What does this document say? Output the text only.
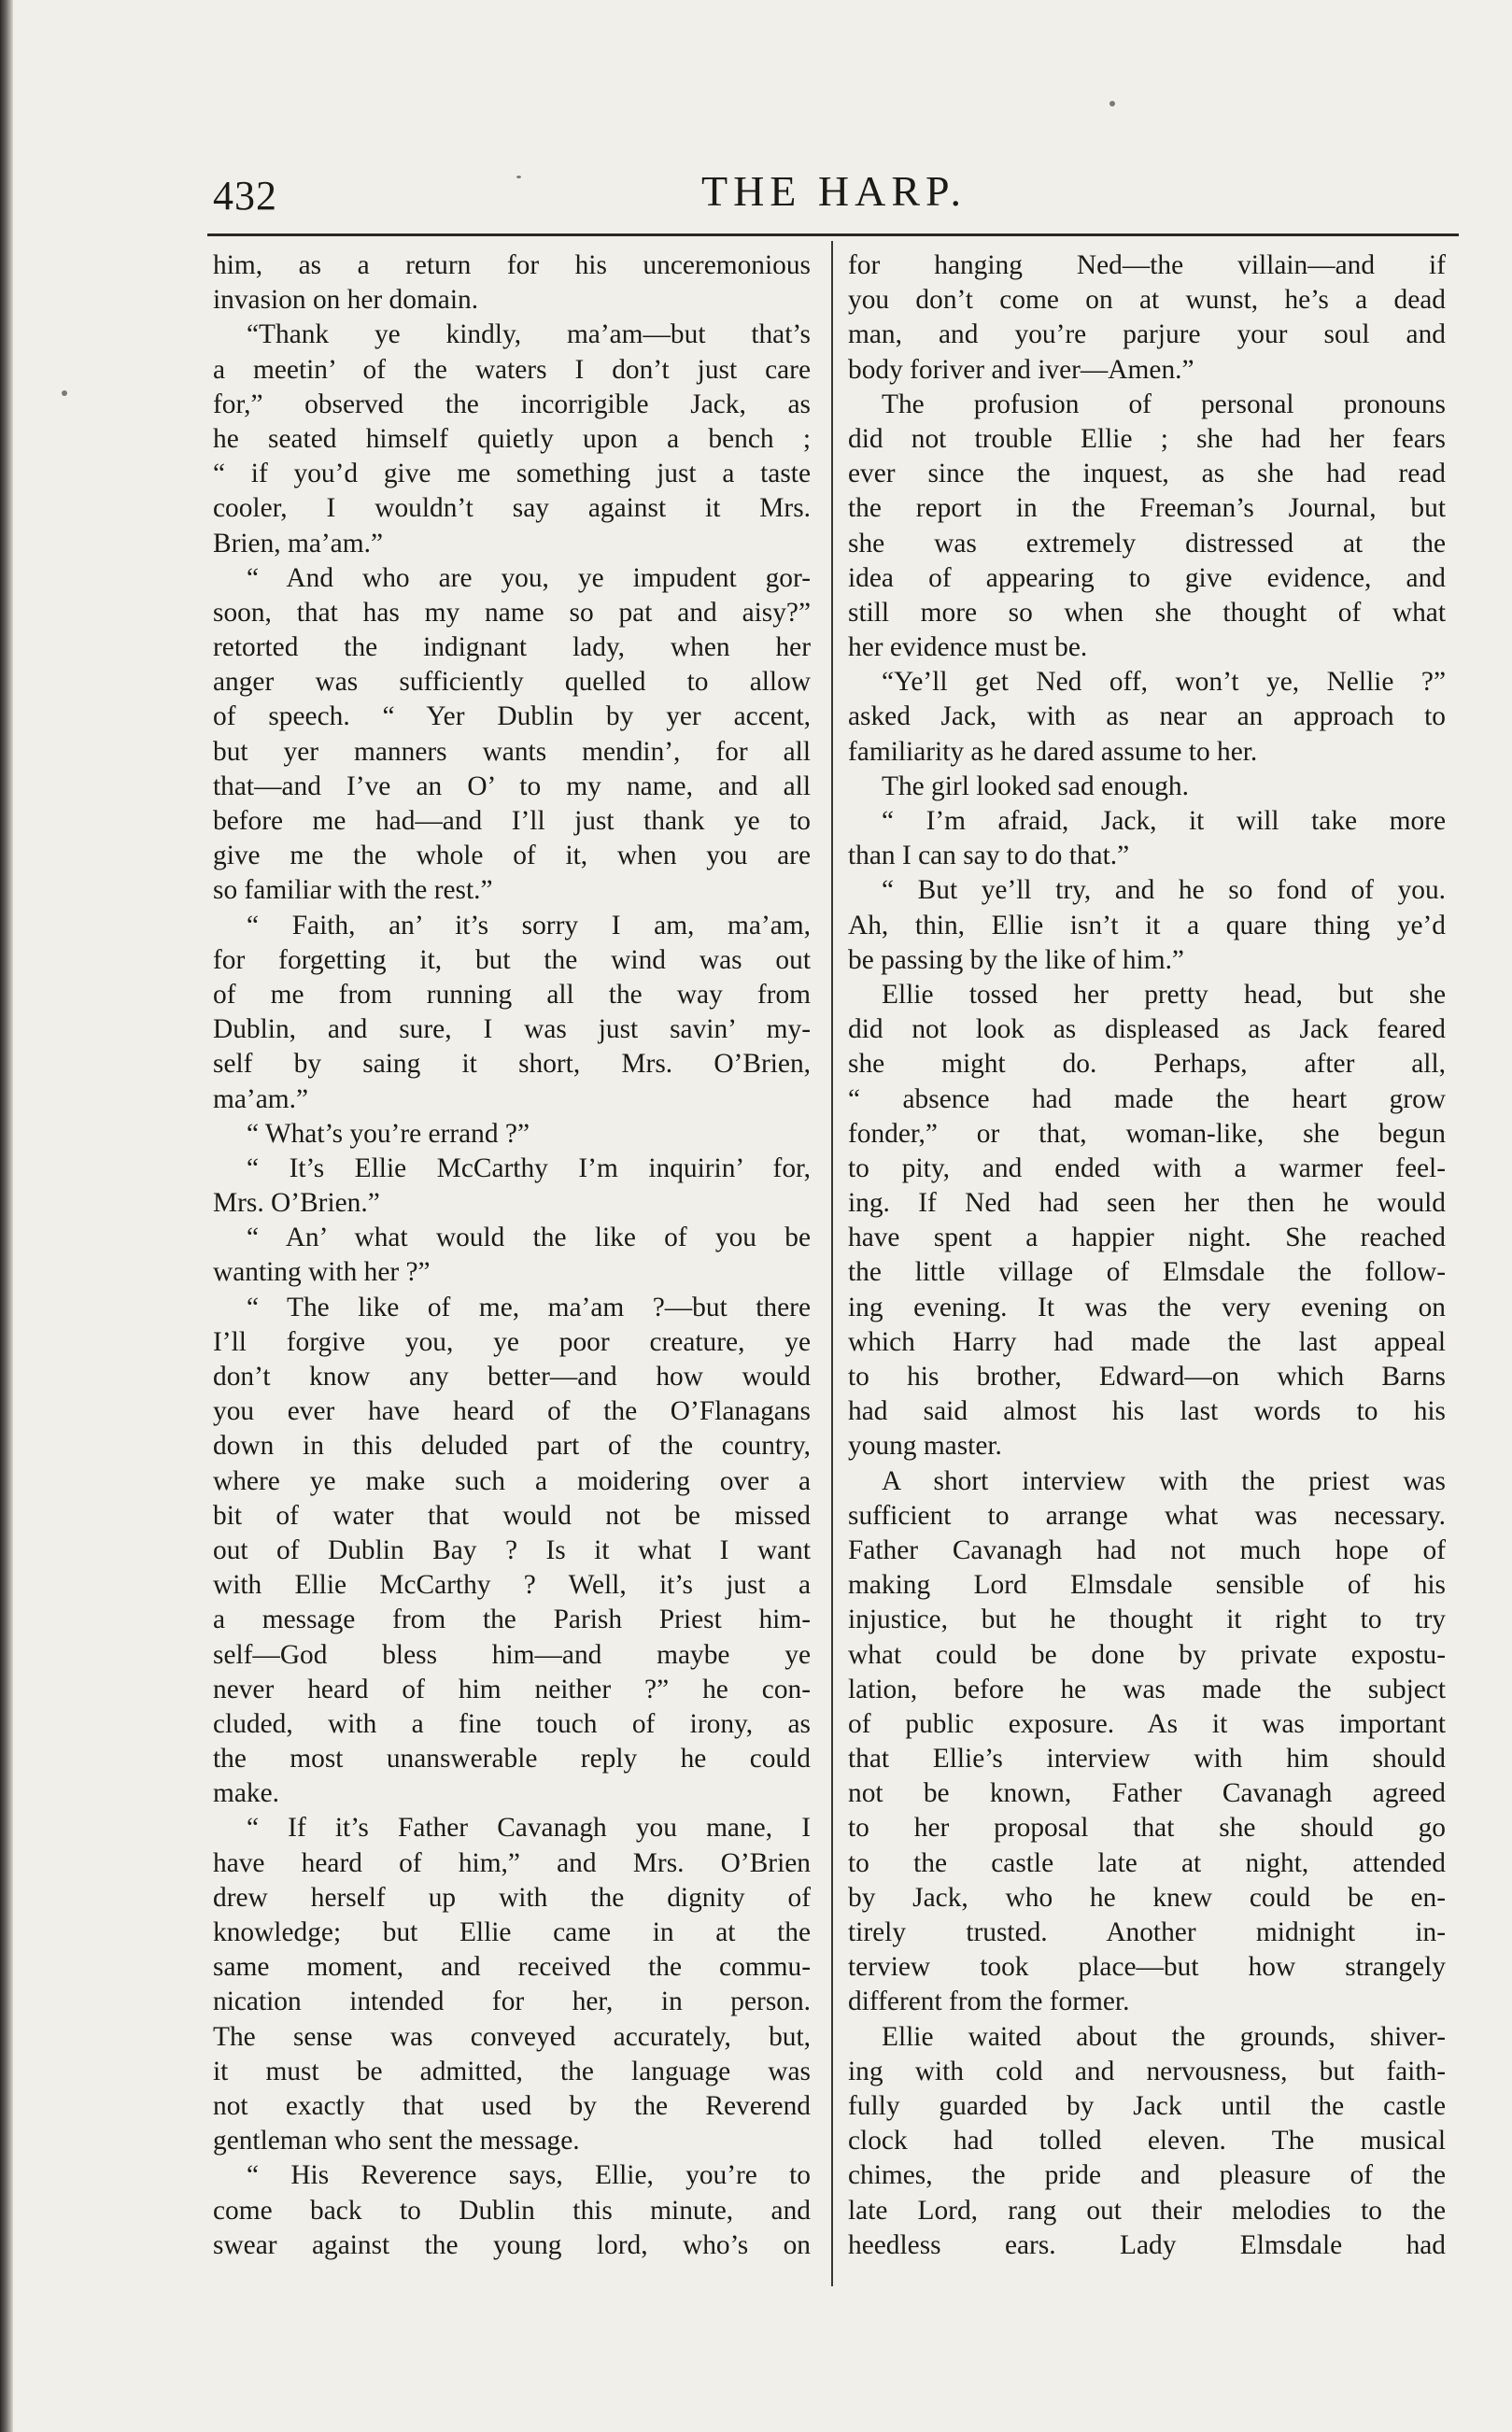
432	THE HARP.
him, as a return for his unceremonious
invasion on her domain.
“Thank ye kindly, ma’am—but that’s
a meetin’ of the waters I don’t just care
for,” observed the incorrigible Jack, as
he seated himself quietly upon a bench ;
“ if you’d give me something just a taste
cooler, I wouldn’t say against it Mrs.
Brien, ma’am.”
“ And who are you, ye impudent gor-
soon, that has my name so pat and aisy?”
retorted the indignant lady, when her
anger was sufficiently quelled to allow
of speech. “ Yer Dublin by yer accent,
but yer manners wants mendin’, for all
that—and I’ve an O’ to my name, and all
before me had—and I’ll just thank ye to
give me the whole of it, when you are
so familiar with the rest.”
“ Faith, an’ it’s sorry I am, ma’am,
for forgetting it, but the wind was out
of me from running all the way from
Dublin, and sure, I was just savin’ my-
self by saing it short, Mrs. O’Brien,
ma’am.”
“ What’s you’re errand ?”
“ It’s Ellie McCarthy I’m inquirin’ for,
Mrs. O’Brien.”
“ An’ what would the like of you be
wanting with her ?”
“ The like of me, ma’am ?—but there
I’ll forgive you, ye poor creature, ye
don’t know any better—and how would
you ever have heard of the O’Flanagans
down in this deluded part of the country,
where ye make such a moidering over a
bit of water that would not be missed
out of Dublin Bay ? Is it what I want
with Ellie McCarthy ? Well, it’s just a
a message from the Parish Priest him-
self—God bless him—and maybe ye
never heard of him neither ?” he con-
cluded, with a fine touch of irony, as
the most unanswerable reply he could
make.
“ If it’s Father Cavanagh you mane, I
have heard of him,” and Mrs. O’Brien
drew herself up with the dignity of
knowledge; but Ellie came in at the
same moment, and received the commu-
nication intended for her, in person.
The sense was conveyed accurately, but,
it must be admitted, the language was
not exactly that used by the Reverend
gentleman who sent the message.
“ His Reverence says, Ellie, you’re to
come back to Dublin this minute, and
swear against the young lord, who’s on
for hanging Ned—the villain—and if
you don’t come on at wunst, he’s a dead
man, and you’re parjure your soul and
body foriver and iver—Amen.”
The profusion of personal pronouns
did not trouble Ellie ; she had her fears
ever since the inquest, as she had read
the report in the Freeman’s Journal, but
she was extremely distressed at the
idea of appearing to give evidence, and
still more so when she thought of what
her evidence must be.
“Ye’ll get Ned off, won’t ye, Nellie ?”
asked Jack, with as near an approach to
familiarity as he dared assume to her.
The girl looked sad enough.
“ I’m afraid, Jack, it will take more
than I can say to do that.”
“ But ye’ll try, and he so fond of you.
Ah, thin, Ellie isn’t it a quare thing ye’d
be passing by the like of him.”
Ellie tossed her pretty head, but she
did not look as displeased as Jack feared
she might do. Perhaps, after all,
“ absence had made the heart grow
fonder,” or that, woman-like, she begun
to pity, and ended with a warmer feel-
ing. If Ned had seen her then he would
have spent a happier night. She reached
the little village of Elmsdale the follow-
ing evening. It was the very evening on
which Harry had made the last appeal
to his brother, Edward—on which Barns
had said almost his last words to his
young master.
A short interview with the priest was
sufficient to arrange what was necessary.
Father Cavanagh had not much hope of
making Lord Elmsdale sensible of his
injustice, but he thought it right to try
what could be done by private expostu-
lation, before he was made the subject
of public exposure. As it was important
that Ellie’s interview with him should
not be known, Father Cavanagh agreed
to her proposal that she should go
to the castle late at night, attended
by Jack, who he knew could be en-
tirely trusted. Another midnight in-
terview took place—but how strangely
different from the former.
Ellie waited about the grounds, shiver-
ing with cold and nervousness, but faith-
fully guarded by Jack until the castle
clock had tolled eleven. The musical
chimes, the pride and pleasure of the
late Lord, rang out their melodies to the
heedless ears. Lady Elmsdale had
